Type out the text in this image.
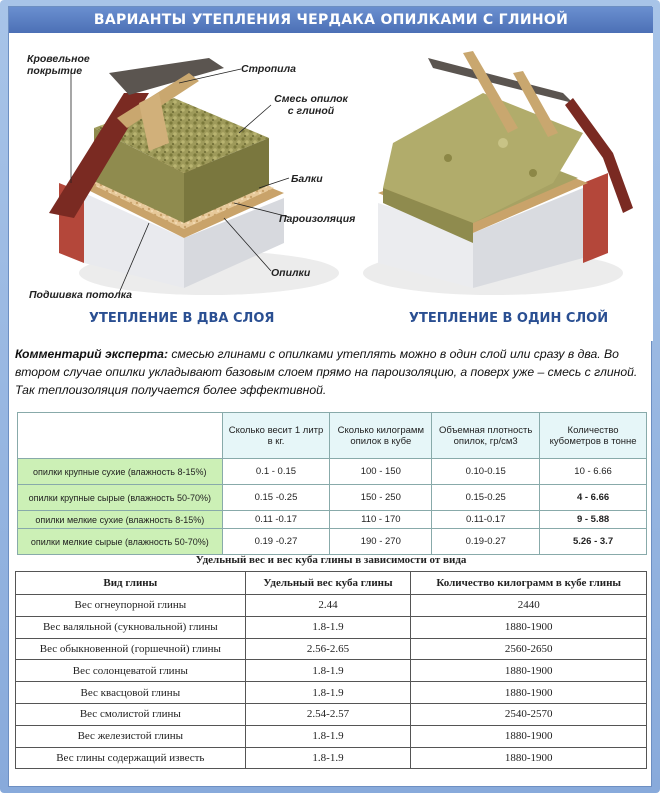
ВАРИАНТЫ УТЕПЛЕНИЯ ЧЕРДАКА ОПИЛКАМИ С ГЛИНОЙ
Кровельное покрытие	Стропила
Смесь опилок с глиной
Балки
Пароизоляция
Опилки
Подшивка потолка
УТЕПЛЕНИЕ В ДВА СЛОЯ	УТЕПЛЕНИЕ В ОДИН СЛОЙ
Комментарий эксперта: смесью глинами с опилками утеплять можно в один слой или сразу в два. Во втором случае опилки укладывают базовым слоем прямо на пароизоляцию, а поверх уже – смесь с глиной. Так теплоизоляция получается более эффективной.
	Сколько весит 1 литр в кг.	Сколько килограмм опилок в кубе	Объемная плотность опилок, гр/см3	Количество кубометров в тонне
опилки крупные сухие (влажность 8-15%)	0.1 - 0.15	100 - 150	0.10-0.15	10 - 6.66
опилки крупные сырые (влажность 50-70%)	0.15 -0.25	150 - 250	0.15-0.25	4 - 6.66
опилки мелкие сухие (влажность 8-15%)	0.11 -0.17	110 - 170	0.11-0.17	9 - 5.88
опилки мелкие сырые (влажность 50-70%)	0.19 -0.27	190 - 270	0.19-0.27	5.26 - 3.7
Удельный вес и вес куба глины в зависимости от вида
Вид глины	Удельный вес куба глины	Количество килограмм в кубе глины
Вес огнеупорной глины	2.44	2440
Вес валяльной (сукновальной) глины	1.8-1.9	1880-1900
Вес обыкновенной (горшечной) глины	2.56-2.65	2560-2650
Вес солонцеватой глины	1.8-1.9	1880-1900
Вес квасцовой глины	1.8-1.9	1880-1900
Вес смолистой глины	2.54-2.57	2540-2570
Вес железистой глины	1.8-1.9	1880-1900
Вес глины содержащий известь	1.8-1.9	1880-1900
